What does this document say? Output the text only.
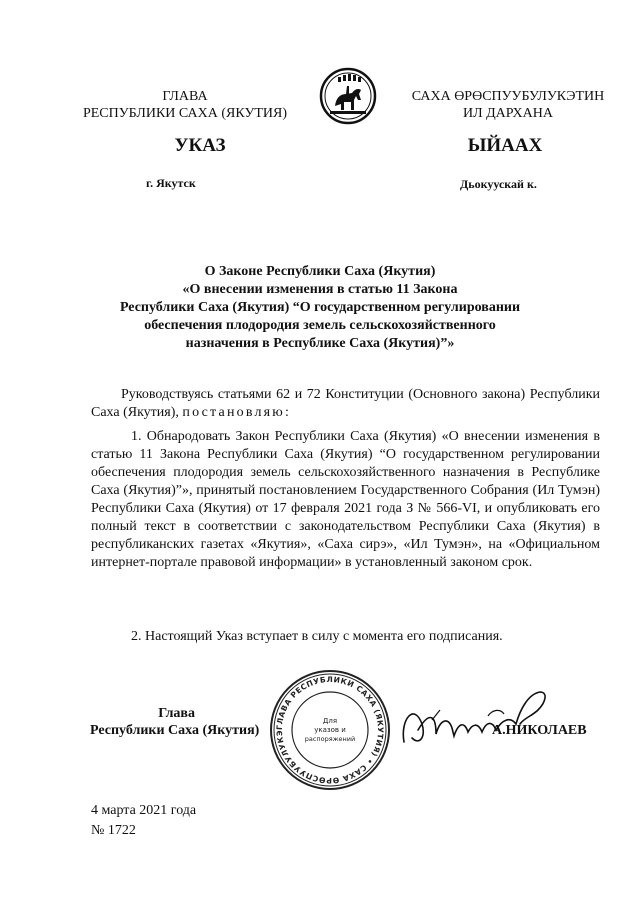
ГЛАВА
РЕСПУБЛИКИ САХА (ЯКУТИЯ)
САХА ӨРӨСПУУБУЛУКЭТИН
ИЛ ДАРХАНА
УКАЗ	ЫЙААХ
г. Якутск	Дьокуускай к.
О Законе Республики Саха (Якутия)
«О внесении изменения в статью 11 Закона
Республики Саха (Якутия) “О государственном регулировании
обеспечения плодородия земель сельскохозяйственного
назначения в Республике Саха (Якутия)”»
Руководствуясь статьями 62 и 72 Конституции (Основного закона) Республики Саха (Якутия), постановляю:
1. Обнародовать Закон Республики Саха (Якутия) «О внесении изменения в статью 11 Закона Республики Саха (Якутия) “О государственном регулировании обеспечения плодородия земель сельскохозяйственного назначения в Республике Саха (Якутия)”», принятый постановлением Государственного Собрания (Ил Тумэн) Республики Саха (Якутия) от 17 февраля 2021 года З № 566-VI, и опубликовать его полный текст в соответствии с законодательством Республики Саха (Якутия) в республиканских газетах «Якутия», «Саха сирэ», «Ил Тумэн», на «Официальном интернет-портале правовой информации» в установленный законом срок.
2. Настоящий Указ вступает в силу с момента его подписания.
Глава
Республики Саха (Якутия)	ГЛАВА РЕСПУБЛИКИ САХА (ЯКУТИЯ) • САХА ӨРӨСПУУБУЛУКЭ
Для
указов и
распоряжений
А.НИКОЛАЕВ
4 марта 2021 года
№ 1722
